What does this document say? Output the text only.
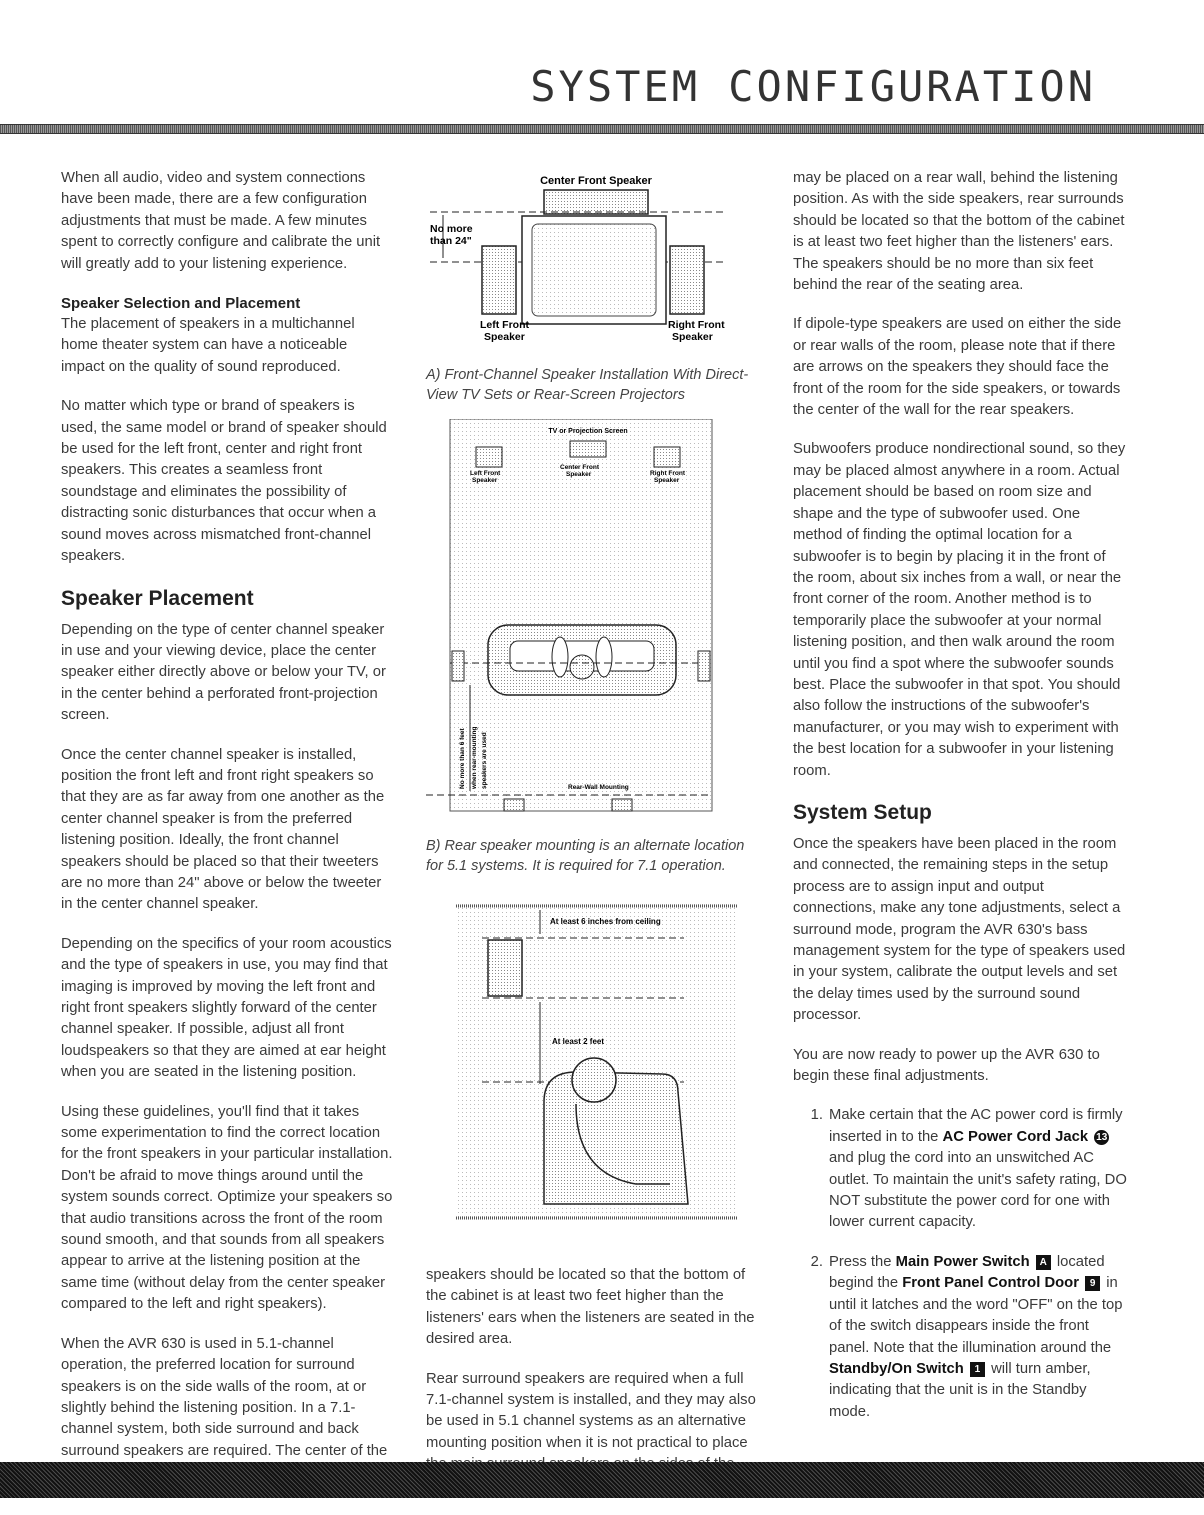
SYSTEM CONFIGURATION

When all audio, video and system connections have been made, there are a few configuration adjustments that must be made. A few minutes spent to correctly configure and calibrate the unit will greatly add to your listening experience.

Speaker Selection and Placement

The placement of speakers in a multichannel home theater system can have a noticeable impact on the quality of sound reproduced.

No matter which type or brand of speakers is used, the same model or brand of speaker should be used for the left front, center and right front speakers. This creates a seamless front soundstage and eliminates the possibility of distracting sonic disturbances that occur when a sound moves across mismatched front-channel speakers.

Speaker Placement

Depending on the type of center channel speaker in use and your viewing device, place the center speaker either directly above or below your TV, or in the center behind a perforated front-projection screen.

Once the center channel speaker is installed, position the front left and front right speakers so that they are as far away from one another as the center channel speaker is from the preferred listening position. Ideally, the front channel speakers should be placed so that their tweeters are no more than 24" above or below the tweeter in the center channel speaker.

Depending on the specifics of your room acoustics and the type of speakers in use, you may find that imaging is improved by moving the left front and right front speakers slightly forward of the center channel speaker. If possible, adjust all front loudspeakers so that they are aimed at ear height when you are seated in the listening position.

Using these guidelines, you'll find that it takes some experimentation to find the correct location for the front speakers in your particular installation. Don't be afraid to move things around until the system sounds correct. Optimize your speakers so that audio transitions across the front of the room sound smooth, and that sounds from all speakers appear to arrive at the listening position at the same time (without delay from the center speaker compared to the left and right speakers).

When the AVR 630 is used in 5.1-channel operation, the preferred location for surround speakers is on the side walls of the room, at or slightly behind the listening position. In a 7.1-channel system, both side surround and back surround speakers are required. The center of the

Center Front Speaker
No more
than 24"
Left Front
Speaker
Right Front
Speaker
A) Front-Channel Speaker Installation With Direct-View TV Sets or Rear-Screen Projectors
TV or Projection Screen
Left Front
Speaker
Center Front
Speaker	Right Front
Speaker
No more than 6 feet when rear-mounting speakers are used	Rear-Wall Mounting
B) Rear speaker mounting is an alternate location for 5.1 systems. It is required for 7.1 operation.
At least 6 inches from ceiling
At least 2 feet

speakers should be located so that the bottom of the cabinet is at least two feet higher than the listeners' ears when the listeners are seated in the desired area.

Rear surround speakers are required when a full 7.1-channel system is installed, and they may also be used in 5.1 channel systems as an alternative mounting position when it is not practical to place

may be placed on a rear wall, behind the listening position. As with the side speakers, rear surrounds should be located so that the bottom of the cabinet is at least two feet higher than the listeners' ears. The speakers should be no more than six feet behind the rear of the seating area.

If dipole-type speakers are used on either the side or rear walls of the room, please note that if there are arrows on the speakers they should face the front of the room for the side speakers, or towards the center of the wall for the rear speakers.

Subwoofers produce nondirectional sound, so they may be placed almost anywhere in a room. Actual placement should be based on room size and shape and the type of subwoofer used. One method of finding the optimal location for a subwoofer is to begin by placing it in the front of the room, about six inches from a wall, or near the front corner of the room. Another method is to temporarily place the subwoofer at your normal listening position, and then walk around the room until you find a spot where the subwoofer sounds best. Place the subwoofer in that spot. You should also follow the instructions of the subwoofer's manufacturer, or you may wish to experiment with the best location for a subwoofer in your listening room.

System Setup

Once the speakers have been placed in the room and connected, the remaining steps in the setup process are to assign input and output connections, make any tone adjustments, select a surround mode, program the AVR 630's bass management system for the type of speakers used in your system, calibrate the output levels and set the delay times used by the surround sound processor.

You are now ready to power up the AVR 630 to begin these final adjustments.

1. Make certain that the AC power cord is firmly inserted in to the AC Power Cord Jack 13 and plug the cord into an unswitched AC outlet. To maintain the unit's safety rating, DO NOT substitute the power cord for one with lower current capacity.
2. Press the Main Power Switch A located begind the Front Panel Control Door 9 in until it latches and the word "OFF" on the top of the switch disappears inside the front panel. Note that the illumination around the Standby/On Switch 1 will turn amber, indicating that the unit is in the Standby mode.
